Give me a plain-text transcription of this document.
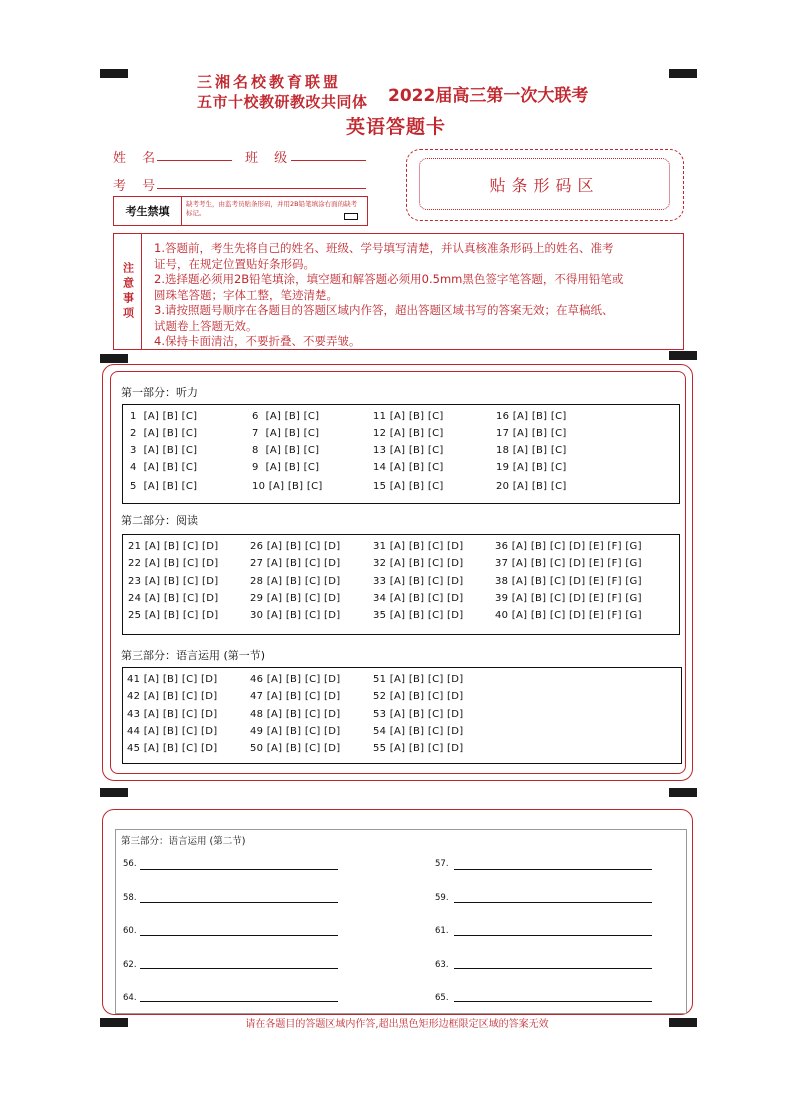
三湘名校教育联盟
五市十校教研教改共同体 2022届高三第一次大联考
英语答题卡
姓 名	班 级
考 号
考生禁填
缺考考生，由监考员贴条形码，并用2B铅笔填涂右面的缺考标记。
贴条形码区
注意事项
1.答题前，考生先将自己的姓名、班级、学号填写清楚，并认真核准条形码上的姓名、准考
证号，在规定位置贴好条形码。
2.选择题必须用2B铅笔填涂，填空题和解答题必须用0.5mm黑色签字笔答题，不得用铅笔或
圆珠笔答题；字体工整，笔迹清楚。
3.请按照题号顺序在各题目的答题区域内作答，超出答题区域书写的答案无效；在草稿纸、
试题卷上答题无效。
4.保持卡面清洁，不要折叠、不要弄皱。
第一部分：听力
1  [A] [B] [C]	6  [A] [B] [C]	11 [A] [B] [C]	16 [A] [B] [C]
2  [A] [B] [C]	7  [A] [B] [C]	12 [A] [B] [C]	17 [A] [B] [C]
3  [A] [B] [C]	8  [A] [B] [C]	13 [A] [B] [C]	18 [A] [B] [C]
4  [A] [B] [C]	9  [A] [B] [C]	14 [A] [B] [C]	19 [A] [B] [C]
5  [A] [B] [C]	10 [A] [B] [C]	15 [A] [B] [C]	20 [A] [B] [C]
第二部分：阅读
21 [A] [B] [C] [D]	26 [A] [B] [C] [D]	31 [A] [B] [C] [D]	36 [A] [B] [C] [D] [E] [F] [G]
22 [A] [B] [C] [D]	27 [A] [B] [C] [D]	32 [A] [B] [C] [D]	37 [A] [B] [C] [D] [E] [F] [G]
23 [A] [B] [C] [D]	28 [A] [B] [C] [D]	33 [A] [B] [C] [D]	38 [A] [B] [C] [D] [E] [F] [G]
24 [A] [B] [C] [D]	29 [A] [B] [C] [D]	34 [A] [B] [C] [D]	39 [A] [B] [C] [D] [E] [F] [G]
25 [A] [B] [C] [D]	30 [A] [B] [C] [D]	35 [A] [B] [C] [D]	40 [A] [B] [C] [D] [E] [F] [G]
第三部分：语言运用 (第一节)
41 [A] [B] [C] [D]	46 [A] [B] [C] [D]	51 [A] [B] [C] [D]
42 [A] [B] [C] [D]	47 [A] [B] [C] [D]	52 [A] [B] [C] [D]
43 [A] [B] [C] [D]	48 [A] [B] [C] [D]	53 [A] [B] [C] [D]
44 [A] [B] [C] [D]	49 [A] [B] [C] [D]	54 [A] [B] [C] [D]
45 [A] [B] [C] [D]	50 [A] [B] [C] [D]	55 [A] [B] [C] [D]
第三部分：语言运用 (第二节)
56.	57.
58.	59.
60.	61.
62.	63.
64.	65.
请在各题目的答题区域内作答,超出黑色矩形边框限定区域的答案无效
